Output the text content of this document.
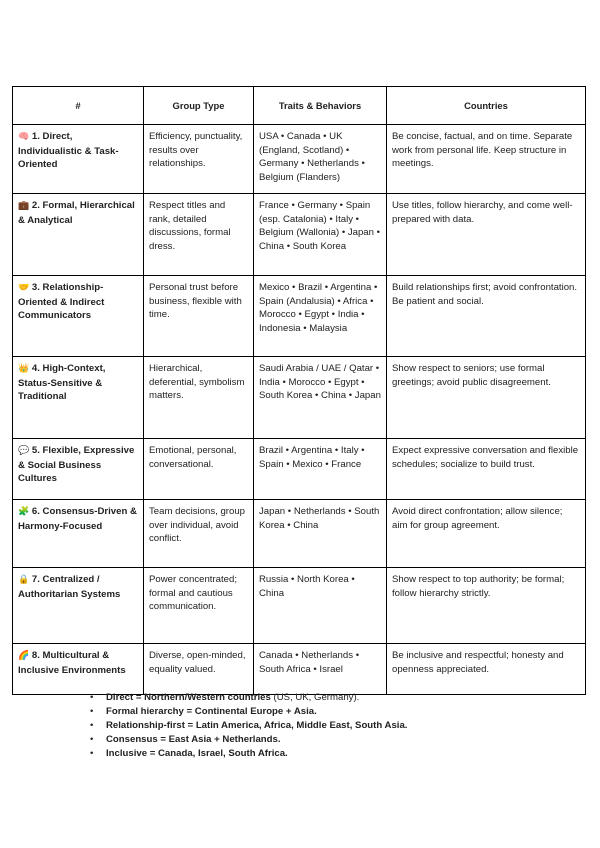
#	Group Type	Traits & Behaviors	Countries
🧠 1. Direct, Individualistic & Task-Oriented	Efficiency, punctuality, results over relationships.	USA • Canada • UK (England, Scotland) • Germany • Netherlands • Belgium (Flanders)	Be concise, factual, and on time. Separate work from personal life. Keep structure in meetings.
💼 2. Formal, Hierarchical & Analytical	Respect titles and rank, detailed discussions, formal dress.	France • Germany • Spain (esp. Catalonia) • Italy • Belgium (Wallonia) • Japan • China • South Korea	Use titles, follow hierarchy, and come well-prepared with data.
🤝 3. Relationship-Oriented & Indirect Communicators	Personal trust before business, flexible with time.	Mexico • Brazil • Argentina • Spain (Andalusia) • Africa • Morocco • Egypt • India • Indonesia • Malaysia	Build relationships first; avoid confrontation. Be patient and social.
👑 4. High-Context, Status-Sensitive & Traditional	Hierarchical, deferential, symbolism matters.	Saudi Arabia / UAE / Qatar • India • Morocco • Egypt • South Korea • China • Japan	Show respect to seniors; use formal greetings; avoid public disagreement.
💬 5. Flexible, Expressive & Social Business Cultures	Emotional, personal, conversational.	Brazil • Argentina • Italy • Spain • Mexico • France	Expect expressive conversation and flexible schedules; socialize to build trust.
🧩 6. Consensus-Driven & Harmony-Focused	Team decisions, group over individual, avoid conflict.	Japan • Netherlands • South Korea • China	Avoid direct confrontation; allow silence; aim for group agreement.
🔒 7. Centralized / Authoritarian Systems	Power concentrated; formal and cautious communication.	Russia • North Korea • China	Show respect to top authority; be formal; follow hierarchy strictly.
🌈 8. Multicultural & Inclusive Environments	Diverse, open-minded, equality valued.	Canada • Netherlands • South Africa • Israel	Be inclusive and respectful; honesty and openness appreciated.
• Direct = Northern/Western countries (US, UK, Germany).
• Formal hierarchy = Continental Europe + Asia.
• Relationship-first = Latin America, Africa, Middle East, South Asia.
• Consensus = East Asia + Netherlands.
• Inclusive = Canada, Israel, South Africa.
